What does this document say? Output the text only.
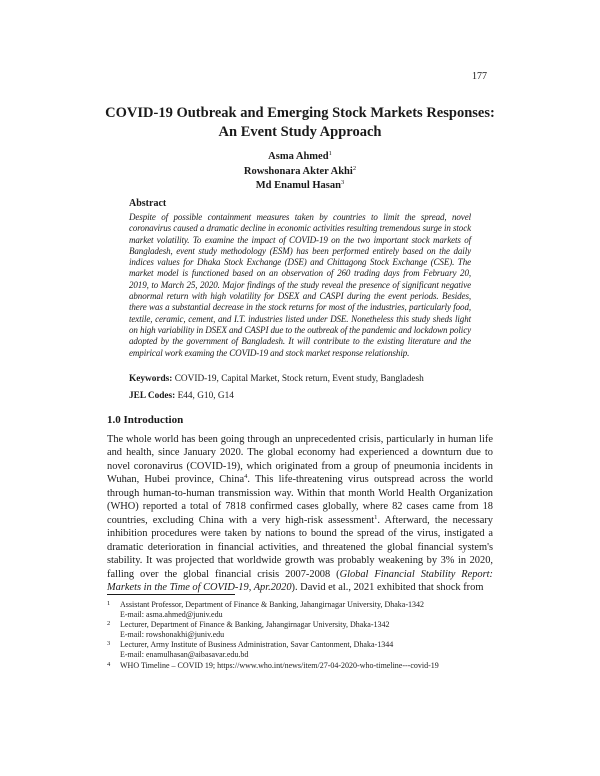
177
COVID-19 Outbreak and Emerging Stock Markets Responses:
An Event Study Approach
Asma Ahmed$^1$
Rowshonara Akter Akhi$^2$
Md Enamul Hasan$^3$
Abstract
Despite of possible containment measures taken by countries to limit the spread, novel coronavirus caused a dramatic decline in economic activities resulting tremendous surge in stock market volatility. To examine the impact of COVID-19 on the two important stock markets of Bangladesh, event study methodology (ESM) has been performed entirely based on the daily indices values for Dhaka Stock Exchange (DSE) and Chittagong Stock Exchange (CSE). The market model is functioned based on an observation of 260 trading days from February 20, 2019, to March 25, 2020. Major findings of the study reveal the presence of significant negative abnormal return with high volatility for DSEX and CASPI during the event periods. Besides, there was a substantial decrease in the stock returns for most of the industries, particularly food, textile, ceramic, cement, and I.T. industries listed under DSE. Nonetheless this study sheds light on high variability in DSEX and CASPI due to the outbreak of the pandemic and lockdown policy adopted by the government of Bangladesh. It will contribute to the existing literature and the empirical work examing the COVID-19 and stock market response relationship.
Keywords: COVID-19, Capital Market, Stock return, Event study, Bangladesh
JEL Codes: E44, G10, G14
1.0 Introduction
The whole world has been going through an unprecedented crisis, particularly in human life and health, since January 2020. The global economy had experienced a downturn due to novel coronavirus (COVID-19), which originated from a group of pneumonia incidents in Wuhan, Hubei province, China$^4$. This life-threatening virus outspread across the world through human-to-human transmission way. Within that month World Health Organization (WHO) reported a total of 7818 confirmed cases globally, where 82 cases came from 18 countries, excluding China with a very high-risk assessment$^1$. Afterward, the necessary inhibition procedures were taken by nations to bound the spread of the virus, instigated a dramatic deterioration in financial activities, and threatened the global financial system's stability. It was projected that worldwide growth was probably weakening by 3% in 2020, falling over the global financial crisis 2007-2008 (Global Financial Stability Report: Markets in the Time of COVID-19, Apr.2020). David et al., 2021 exhibited that shock from
1	Assistant Professor, Department of Finance & Banking, Jahangirnagar University, Dhaka-1342
E-mail: asma.ahmed@juniv.edu
2	Lecturer, Department of Finance & Banking, Jahangirnagar University, Dhaka-1342
E-mail: rowshonakhi@juniv.edu
3	Lecturer, Army Institute of Business Administration, Savar Cantonment, Dhaka-1344
E-mail: enamulhasan@aibasavar.edu.bd
4	WHO Timeline – COVID 19; https://www.who.int/news/item/27-04-2020-who-timeline---covid-19
